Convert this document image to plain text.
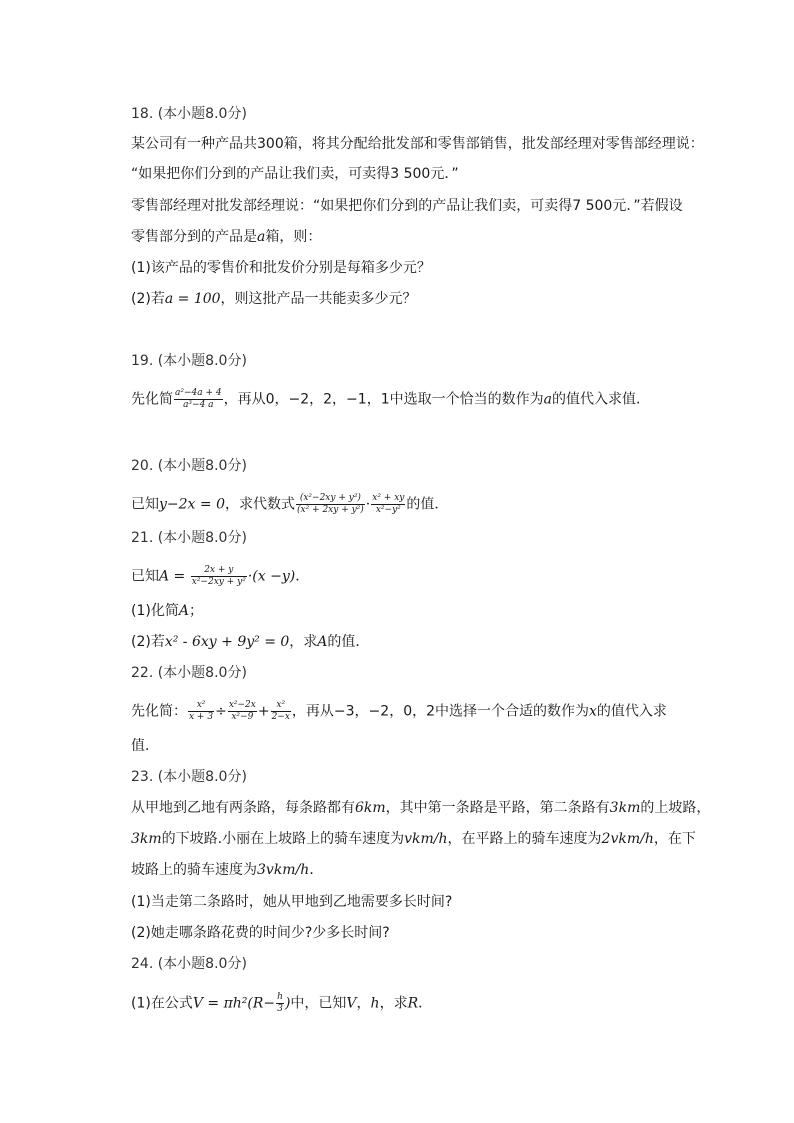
18. (本小题8.0分)
某公司有一种产品共300箱，将其分配给批发部和零售部销售，批发部经理对零售部经理说：
“如果把你们分到的产品让我们卖，可卖得3 500元．”
零售部经理对批发部经理说：“如果把你们分到的产品让我们卖，可卖得7 500元．”若假设
零售部分到的产品是a箱，则：
(1)该产品的零售价和批发价分别是每箱多少元？
(2)若a = 100，则这批产品一共能卖多少元？
19. (本小题8.0分)
先化简 $\frac{\text{a²−4a + 4}}{\text{a³−4 a}}$ ，再从0，−2，2，−1，1中选取一个恰当的数作为a的值代入求值．
20. (本小题8.0分)
已知y−2x = 0，求代数式 $\frac{\text{(x²−2xy + y²)}}{\text{(x² + 2xy + y²)}} \cdot \frac{\text{x² + xy}}{\text{x²−y²}}$ 的值．
21. (本小题8.0分)
已知$A = \frac{2x + y}{\text{x²−2xy + y²}} \cdot(x -y)$．
(1)化简A；
(2)若x² - 6xy + 9y² = 0，求A的值．
22. (本小题8.0分)
先化简： $\frac{\text{x²}}{x + 3} \div \frac{\text{x²−2x}}{\text{x²−9}} + \frac{\text{x²}}{2-x}$ ，再从−3，−2，0，2中选择一个合适的数作为x的值代入求
值．
23. (本小题8.0分)
从甲地到乙地有两条路，每条路都有6km，其中第一条路是平路，第二条路有3km的上坡路，
3km的下坡路.小丽在上坡路上的骑车速度为vkm/h，在平路上的骑车速度为2vkm/h，在下
坡路上的骑车速度为3vkm/h．
(1)当走第二条路时，她从甲地到乙地需要多长时间?
(2)她走哪条路花费的时间少?少多长时间?
24. (本小题8.0分)
(1)在公式$V = \pi h^2(R- \frac{h}{3}$ )中，已知V，h，求R．
